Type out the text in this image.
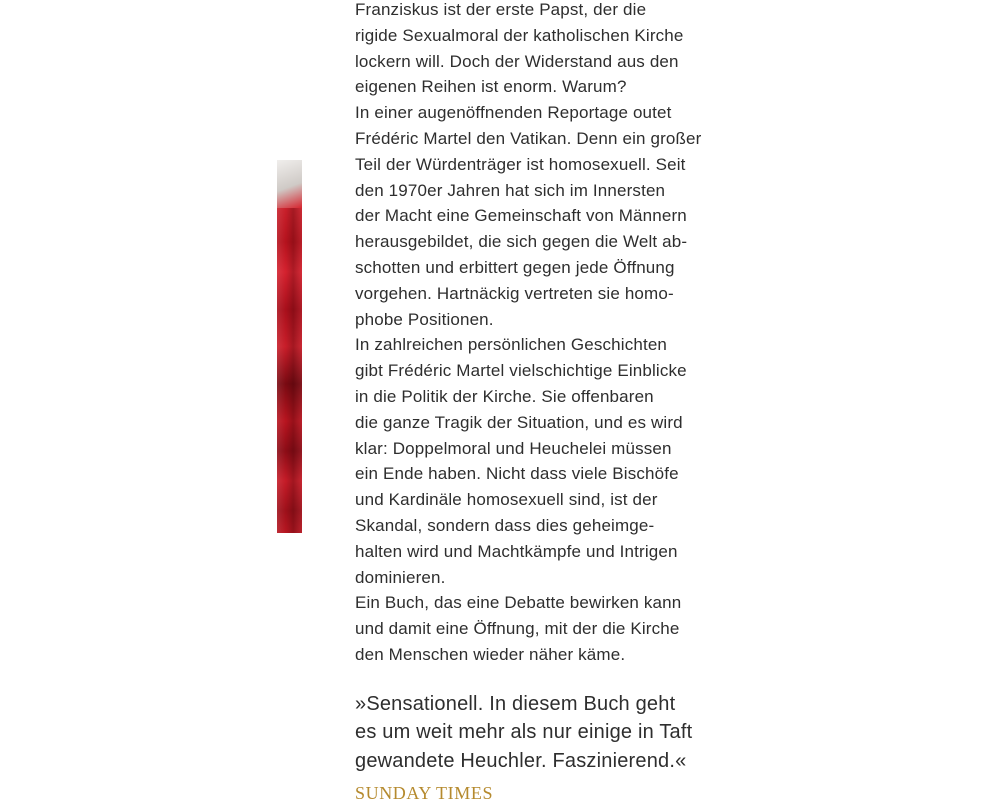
Franziskus ist der erste Papst, der die
rigide Sexualmoral der katholischen Kirche
lockern will. Doch der Widerstand aus den
eigenen Reihen ist enorm. Warum?
In einer augenöffnenden Reportage outet
Frédéric Martel den Vatikan. Denn ein großer
Teil der Würdenträger ist homosexuell. Seit
den 1970er Jahren hat sich im Innersten
der Macht eine Gemeinschaft von Männern
herausgebildet, die sich gegen die Welt ab-
schotten und erbittert gegen jede Öffnung
vorgehen. Hartnäckig vertreten sie homo-
phobe Positionen.
In zahlreichen persönlichen Geschichten
gibt Frédéric Martel vielschichtige Einblicke
in die Politik der Kirche. Sie offenbaren
die ganze Tragik der Situation, und es wird
klar: Doppelmoral und Heuchelei müssen
ein Ende haben. Nicht dass viele Bischöfe
und Kardinäle homosexuell sind, ist der
Skandal, sondern dass dies geheimge-
halten wird und Machtkämpfe und Intrigen
dominieren.
Ein Buch, das eine Debatte bewirken kann
und damit eine Öffnung, mit der die Kirche
den Menschen wieder näher käme.

»Sensationell. In diesem Buch geht
es um weit mehr als nur einige in Taft
gewandete Heuchler. Faszinierend.«
SUNDAY TIMES
